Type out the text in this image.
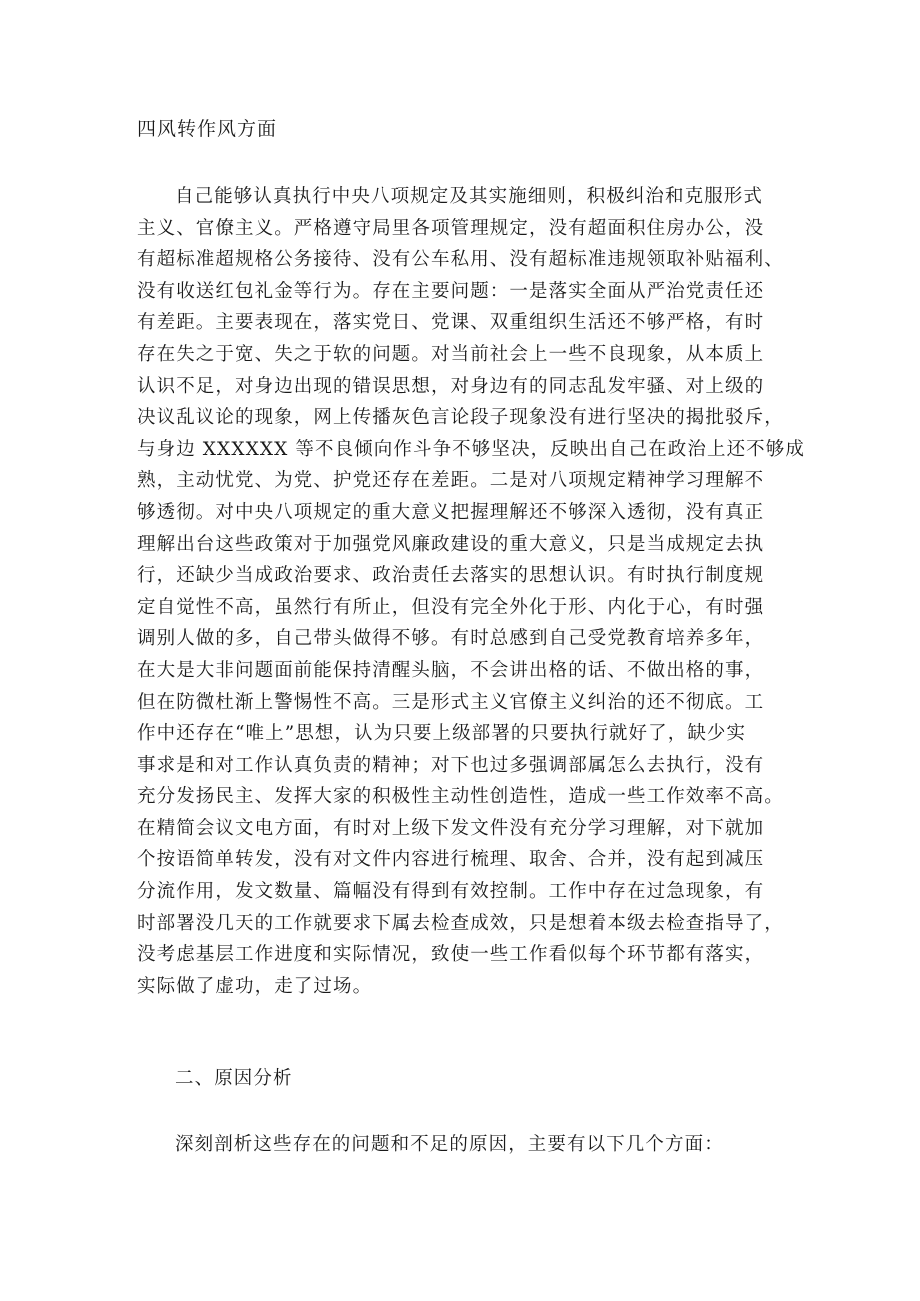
四风转作风方面
自己能够认真执行中央八项规定及其实施细则，积极纠治和克服形式
主义、官僚主义。严格遵守局里各项管理规定，没有超面积住房办公，没
有超标准超规格公务接待、没有公车私用、没有超标准违规领取补贴福利、
没有收送红包礼金等行为。存在主要问题：一是落实全面从严治党责任还
有差距。主要表现在，落实党日、党课、双重组织生活还不够严格，有时
存在失之于宽、失之于软的问题。对当前社会上一些不良现象，从本质上
认识不足，对身边出现的错误思想，对身边有的同志乱发牢骚、对上级的
决议乱议论的现象，网上传播灰色言论段子现象没有进行坚决的揭批驳斥，
与身边 XXXXXX 等不良倾向作斗争不够坚决，反映出自己在政治上还不够成
熟，主动忧党、为党、护党还存在差距。二是对八项规定精神学习理解不
够透彻。对中央八项规定的重大意义把握理解还不够深入透彻，没有真正
理解出台这些政策对于加强党风廉政建设的重大意义，只是当成规定去执
行，还缺少当成政治要求、政治责任去落实的思想认识。有时执行制度规
定自觉性不高，虽然行有所止，但没有完全外化于形、内化于心，有时强
调别人做的多，自己带头做得不够。有时总感到自己受党教育培养多年，
在大是大非问题面前能保持清醒头脑，不会讲出格的话、不做出格的事，
但在防微杜渐上警惕性不高。三是形式主义官僚主义纠治的还不彻底。工
作中还存在“唯上”思想，认为只要上级部署的只要执行就好了，缺少实
事求是和对工作认真负责的精神；对下也过多强调部属怎么去执行，没有
充分发扬民主、发挥大家的积极性主动性创造性，造成一些工作效率不高。
在精简会议文电方面，有时对上级下发文件没有充分学习理解，对下就加
个按语简单转发，没有对文件内容进行梳理、取舍、合并，没有起到减压
分流作用，发文数量、篇幅没有得到有效控制。工作中存在过急现象，有
时部署没几天的工作就要求下属去检查成效，只是想着本级去检查指导了，
没考虑基层工作进度和实际情况，致使一些工作看似每个环节都有落实，
实际做了虚功，走了过场。
二、原因分析
深刻剖析这些存在的问题和不足的原因，主要有以下几个方面：
